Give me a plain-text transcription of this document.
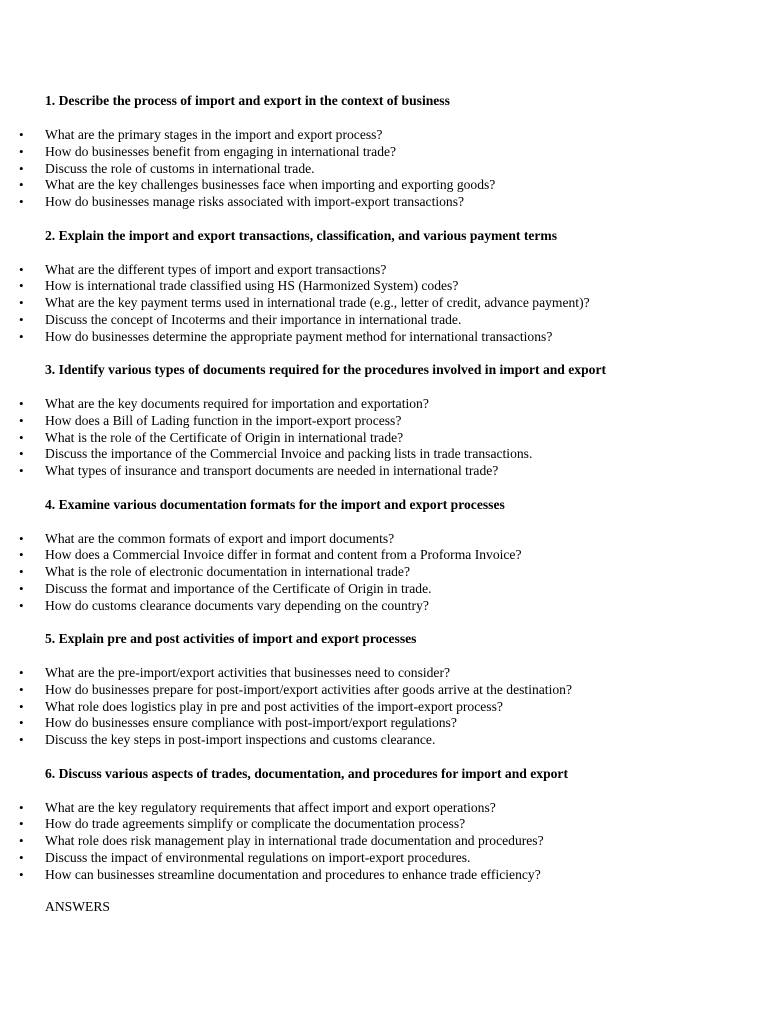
1. Describe the process of import and export in the context of business
• What are the primary stages in the import and export process?
• How do businesses benefit from engaging in international trade?
• Discuss the role of customs in international trade.
• What are the key challenges businesses face when importing and exporting goods?
• How do businesses manage risks associated with import-export transactions?
2. Explain the import and export transactions, classification, and various payment terms
• What are the different types of import and export transactions?
• How is international trade classified using HS (Harmonized System) codes?
• What are the key payment terms used in international trade (e.g., letter of credit, advance payment)?
• Discuss the concept of Incoterms and their importance in international trade.
• How do businesses determine the appropriate payment method for international transactions?
3. Identify various types of documents required for the procedures involved in import and export
• What are the key documents required for importation and exportation?
• How does a Bill of Lading function in the import-export process?
• What is the role of the Certificate of Origin in international trade?
• Discuss the importance of the Commercial Invoice and packing lists in trade transactions.
• What types of insurance and transport documents are needed in international trade?
4. Examine various documentation formats for the import and export processes
• What are the common formats of export and import documents?
• How does a Commercial Invoice differ in format and content from a Proforma Invoice?
• What is the role of electronic documentation in international trade?
• Discuss the format and importance of the Certificate of Origin in trade.
• How do customs clearance documents vary depending on the country?
5. Explain pre and post activities of import and export processes
• What are the pre-import/export activities that businesses need to consider?
• How do businesses prepare for post-import/export activities after goods arrive at the destination?
• What role does logistics play in pre and post activities of the import-export process?
• How do businesses ensure compliance with post-import/export regulations?
• Discuss the key steps in post-import inspections and customs clearance.
6. Discuss various aspects of trades, documentation, and procedures for import and export
• What are the key regulatory requirements that affect import and export operations?
• How do trade agreements simplify or complicate the documentation process?
• What role does risk management play in international trade documentation and procedures?
• Discuss the impact of environmental regulations on import-export procedures.
• How can businesses streamline documentation and procedures to enhance trade efficiency?
ANSWERS
